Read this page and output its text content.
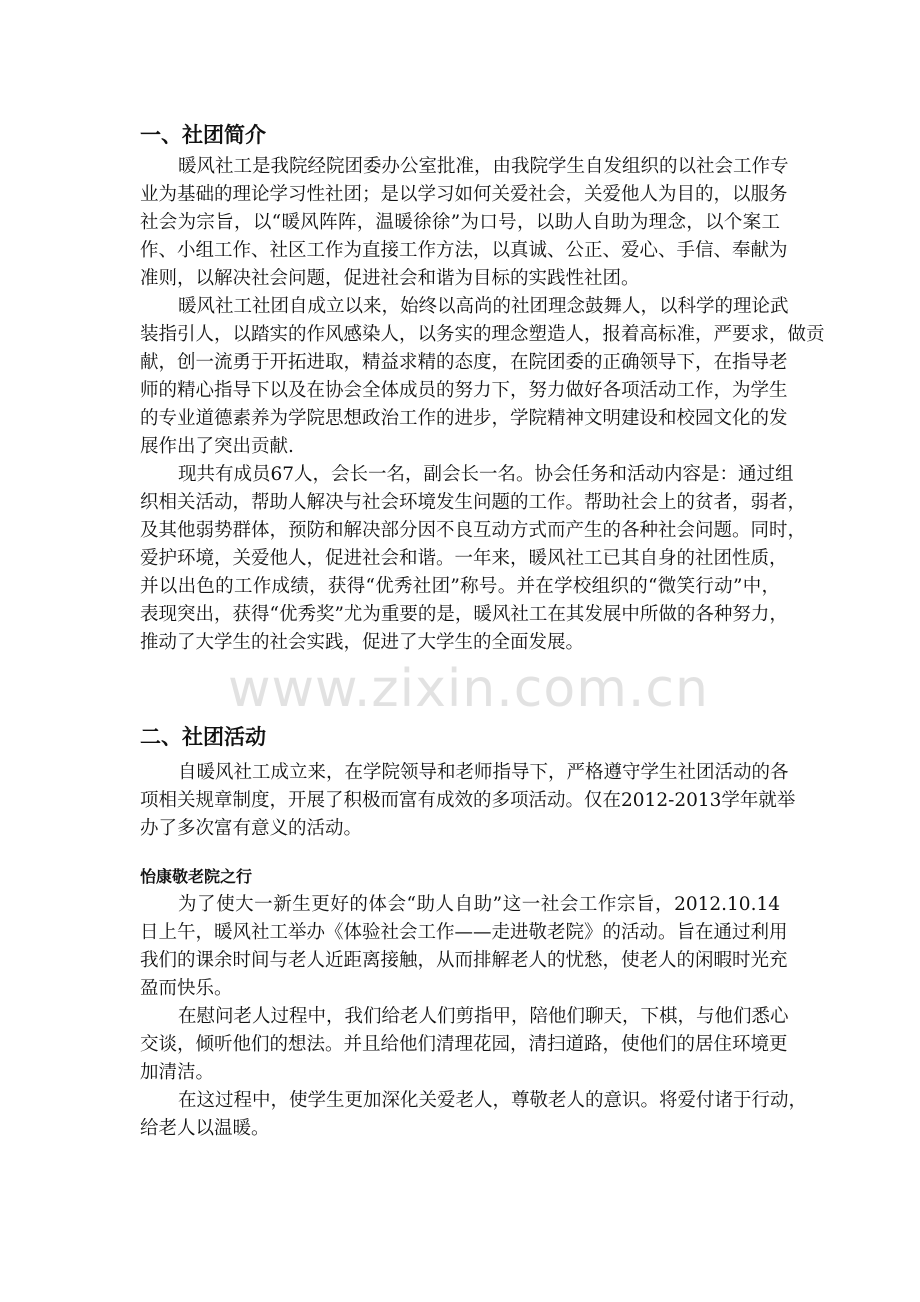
一、社团简介
暖风社工是我院经院团委办公室批准，由我院学生自发组织的以社会工作专
业为基础的理论学习性社团；是以学习如何关爱社会，关爱他人为目的，以服务
社会为宗旨，以“暖风阵阵，温暖徐徐”为口号，以助人自助为理念，以个案工
作、小组工作、社区工作为直接工作方法，以真诚、公正、爱心、手信、奉献为
准则，以解决社会问题，促进社会和谐为目标的实践性社团。
暖风社工社团自成立以来，始终以高尚的社团理念鼓舞人，以科学的理论武
装指引人，以踏实的作风感染人，以务实的理念塑造人，报着高标准，严要求，做贡
献，创一流勇于开拓进取，精益求精的态度，在院团委的正确领导下，在指导老
师的精心指导下以及在协会全体成员的努力下，努力做好各项活动工作，为学生
的专业道德素养为学院思想政治工作的进步，学院精神文明建设和校园文化的发
展作出了突出贡献.
现共有成员67人，会长一名，副会长一名。协会任务和活动内容是：通过组
织相关活动，帮助人解决与社会环境发生问题的工作。帮助社会上的贫者，弱者，
及其他弱势群体，预防和解决部分因不良互动方式而产生的各种社会问题。同时，
爱护环境，关爱他人，促进社会和谐。一年来，暖风社工已其自身的社团性质，
并以出色的工作成绩，获得“优秀社团”称号。并在学校组织的“微笑行动”中，
表现突出，获得“优秀奖”尤为重要的是，暖风社工在其发展中所做的各种努力，
推动了大学生的社会实践，促进了大学生的全面发展。
www.zixin.com.cn
二、社团活动
自暖风社工成立来，在学院领导和老师指导下，严格遵守学生社团活动的各
项相关规章制度，开展了积极而富有成效的多项活动。仅在2012-2013学年就举
办了多次富有意义的活动。
怡康敬老院之行
为了使大一新生更好的体会“助人自助”这一社会工作宗旨，2012.10.14
日上午，暖风社工举办《体验社会工作——走进敬老院》的活动。旨在通过利用
我们的课余时间与老人近距离接触，从而排解老人的忧愁，使老人的闲暇时光充
盈而快乐。
在慰问老人过程中，我们给老人们剪指甲，陪他们聊天，下棋，与他们悉心
交谈，倾听他们的想法。并且给他们清理花园，清扫道路，使他们的居住环境更
加清洁。
在这过程中，使学生更加深化关爱老人，尊敬老人的意识。将爱付诸于行动，
给老人以温暖。
